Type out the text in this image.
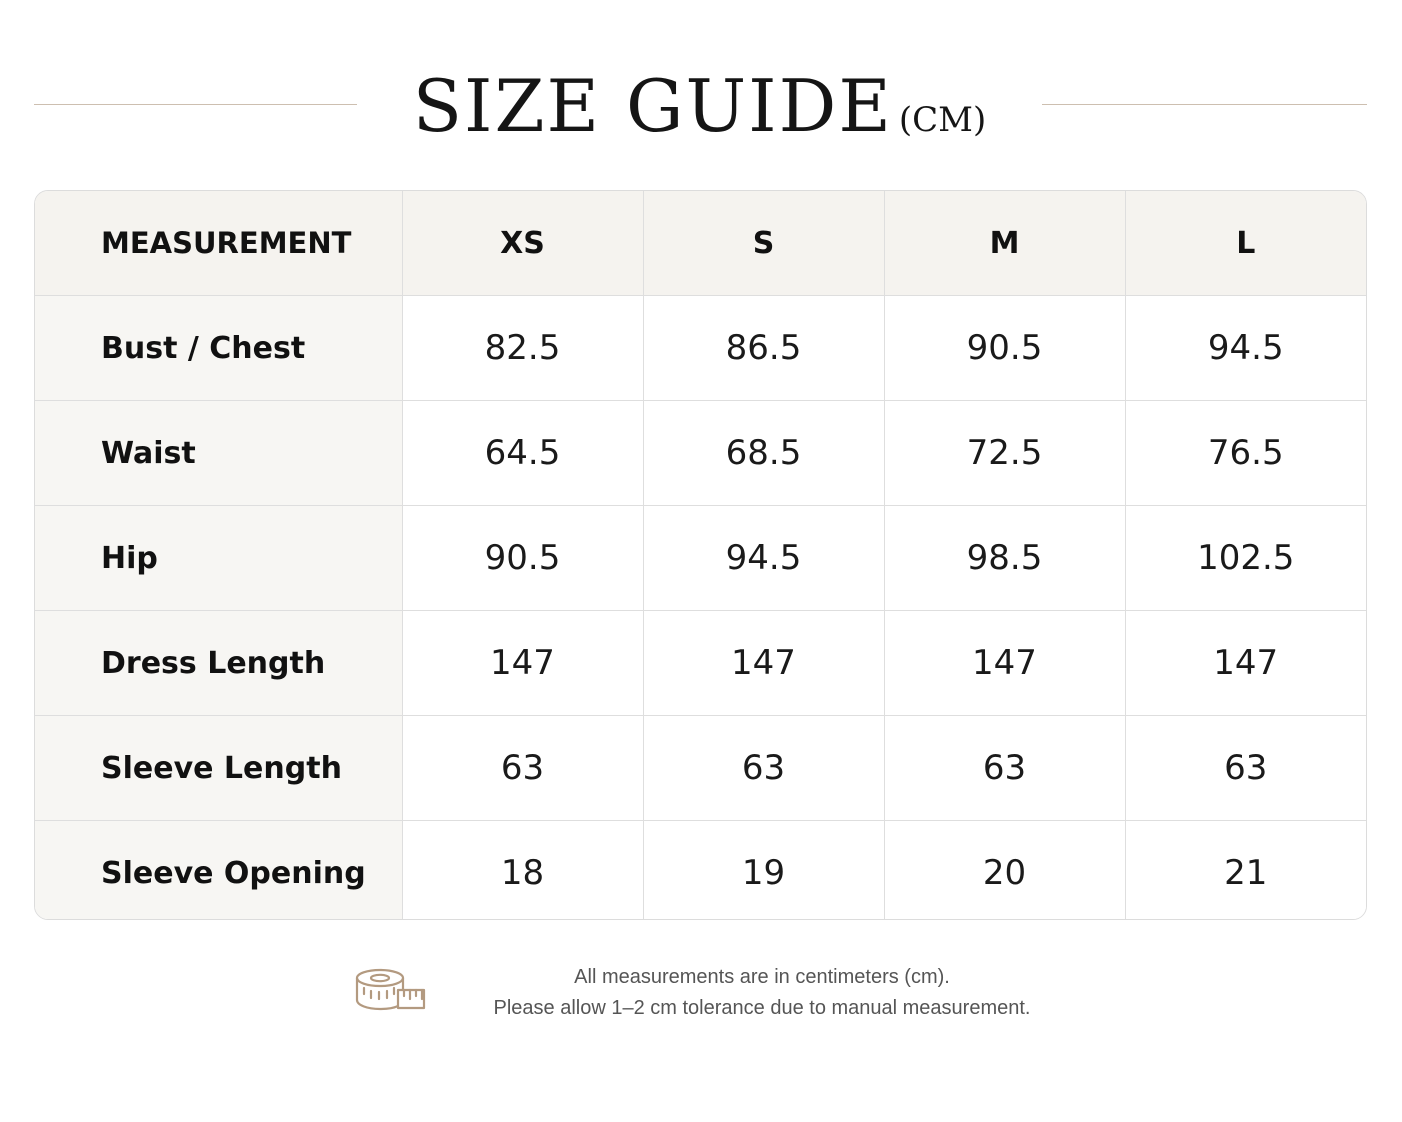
SIZE GUIDE (CM)
MEASUREMENT	XS	S	M	L
Bust / Chest	82.5	86.5	90.5	94.5
Waist	64.5	68.5	72.5	76.5
Hip	90.5	94.5	98.5	102.5
Dress Length	147	147	147	147
Sleeve Length	63	63	63	63
Sleeve Opening	18	19	20	21
All measurements are in centimeters (cm).
Please allow 1–2 cm tolerance due to manual measurement.
